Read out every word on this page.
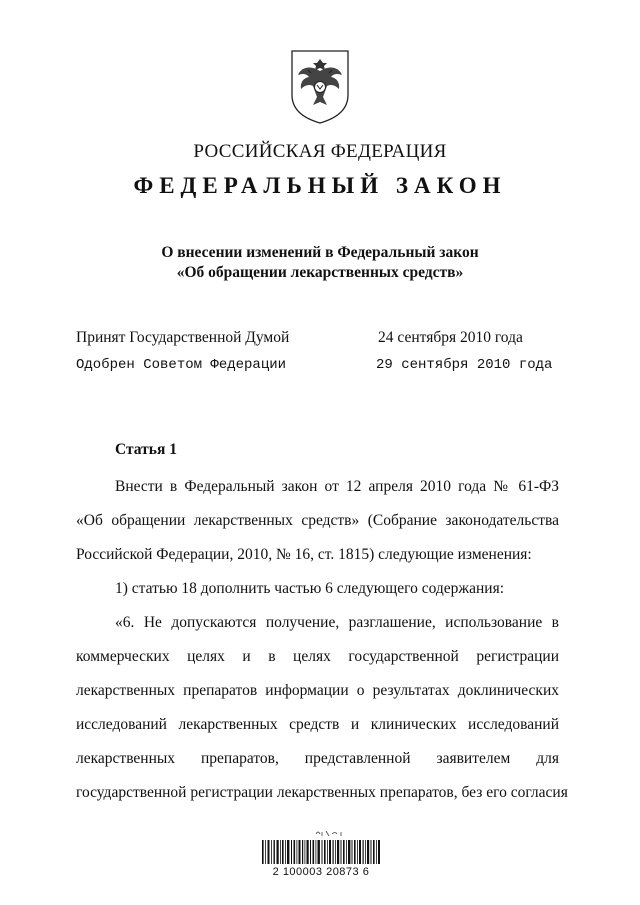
РОССИЙСКАЯ ФЕДЕРАЦИЯ
ФЕДЕРАЛЬНЫЙ ЗАКОН
О внесении изменений в Федеральный закон
«Об обращении лекарственных средств»
Принят Государственной Думой	24 сентября 2010 года
Одобрен Советом Федерации	29 сентября 2010 года
Статья 1
Внести в Федеральный закон от 12 апреля 2010 года № 61-ФЗ
«Об обращении лекарственных средств» (Собрание законодательства
Российской Федерации, 2010, № 16, ст. 1815) следующие изменения:
1) статью 18 дополнить частью 6 следующего содержания:
«6. Не допускаются получение, разглашение, использование в
коммерческих целях и в целях государственной регистрации
лекарственных препаратов информации о результатах доклинических
исследований лекарственных средств и клинических исследований
лекарственных препаратов, представленной заявителем для
государственной регистрации лекарственных препаратов, без его согласия
2 100003 20873 6
